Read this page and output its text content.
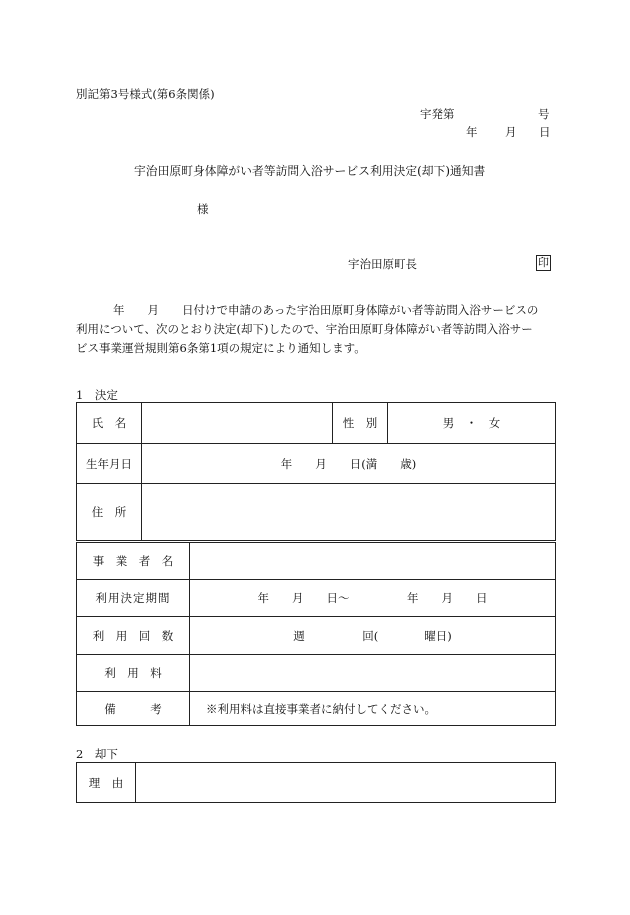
別記第3号様式(第6条関係)
宇発第	号
年 月 日
宇治田原町身体障がい者等訪問入浴サービス利用決定(却下)通知書
様
宇治田原町長	印
年　　月　　日付けで申請のあった宇治田原町身体障がい者等訪問入浴サービスの
利用について、次のとおり決定(却下)したので、宇治田原町身体障がい者等訪問入浴サー
ビス事業運営規則第6条第1項の規定により通知します。
1　決定
氏　名		性　別	男　・　女
生年月日	年　　月　　日(満　　歳)		
住　所			
事　業　者　名	
利用決定期間	年　　月　　日〜　　　　　年　　月　　日
利　用　回　数	週　　　　　回(　　　　曜日)
利　用　料	
備　　　考	※利用料は直接事業者に納付してください。
2　却下
理　由	
